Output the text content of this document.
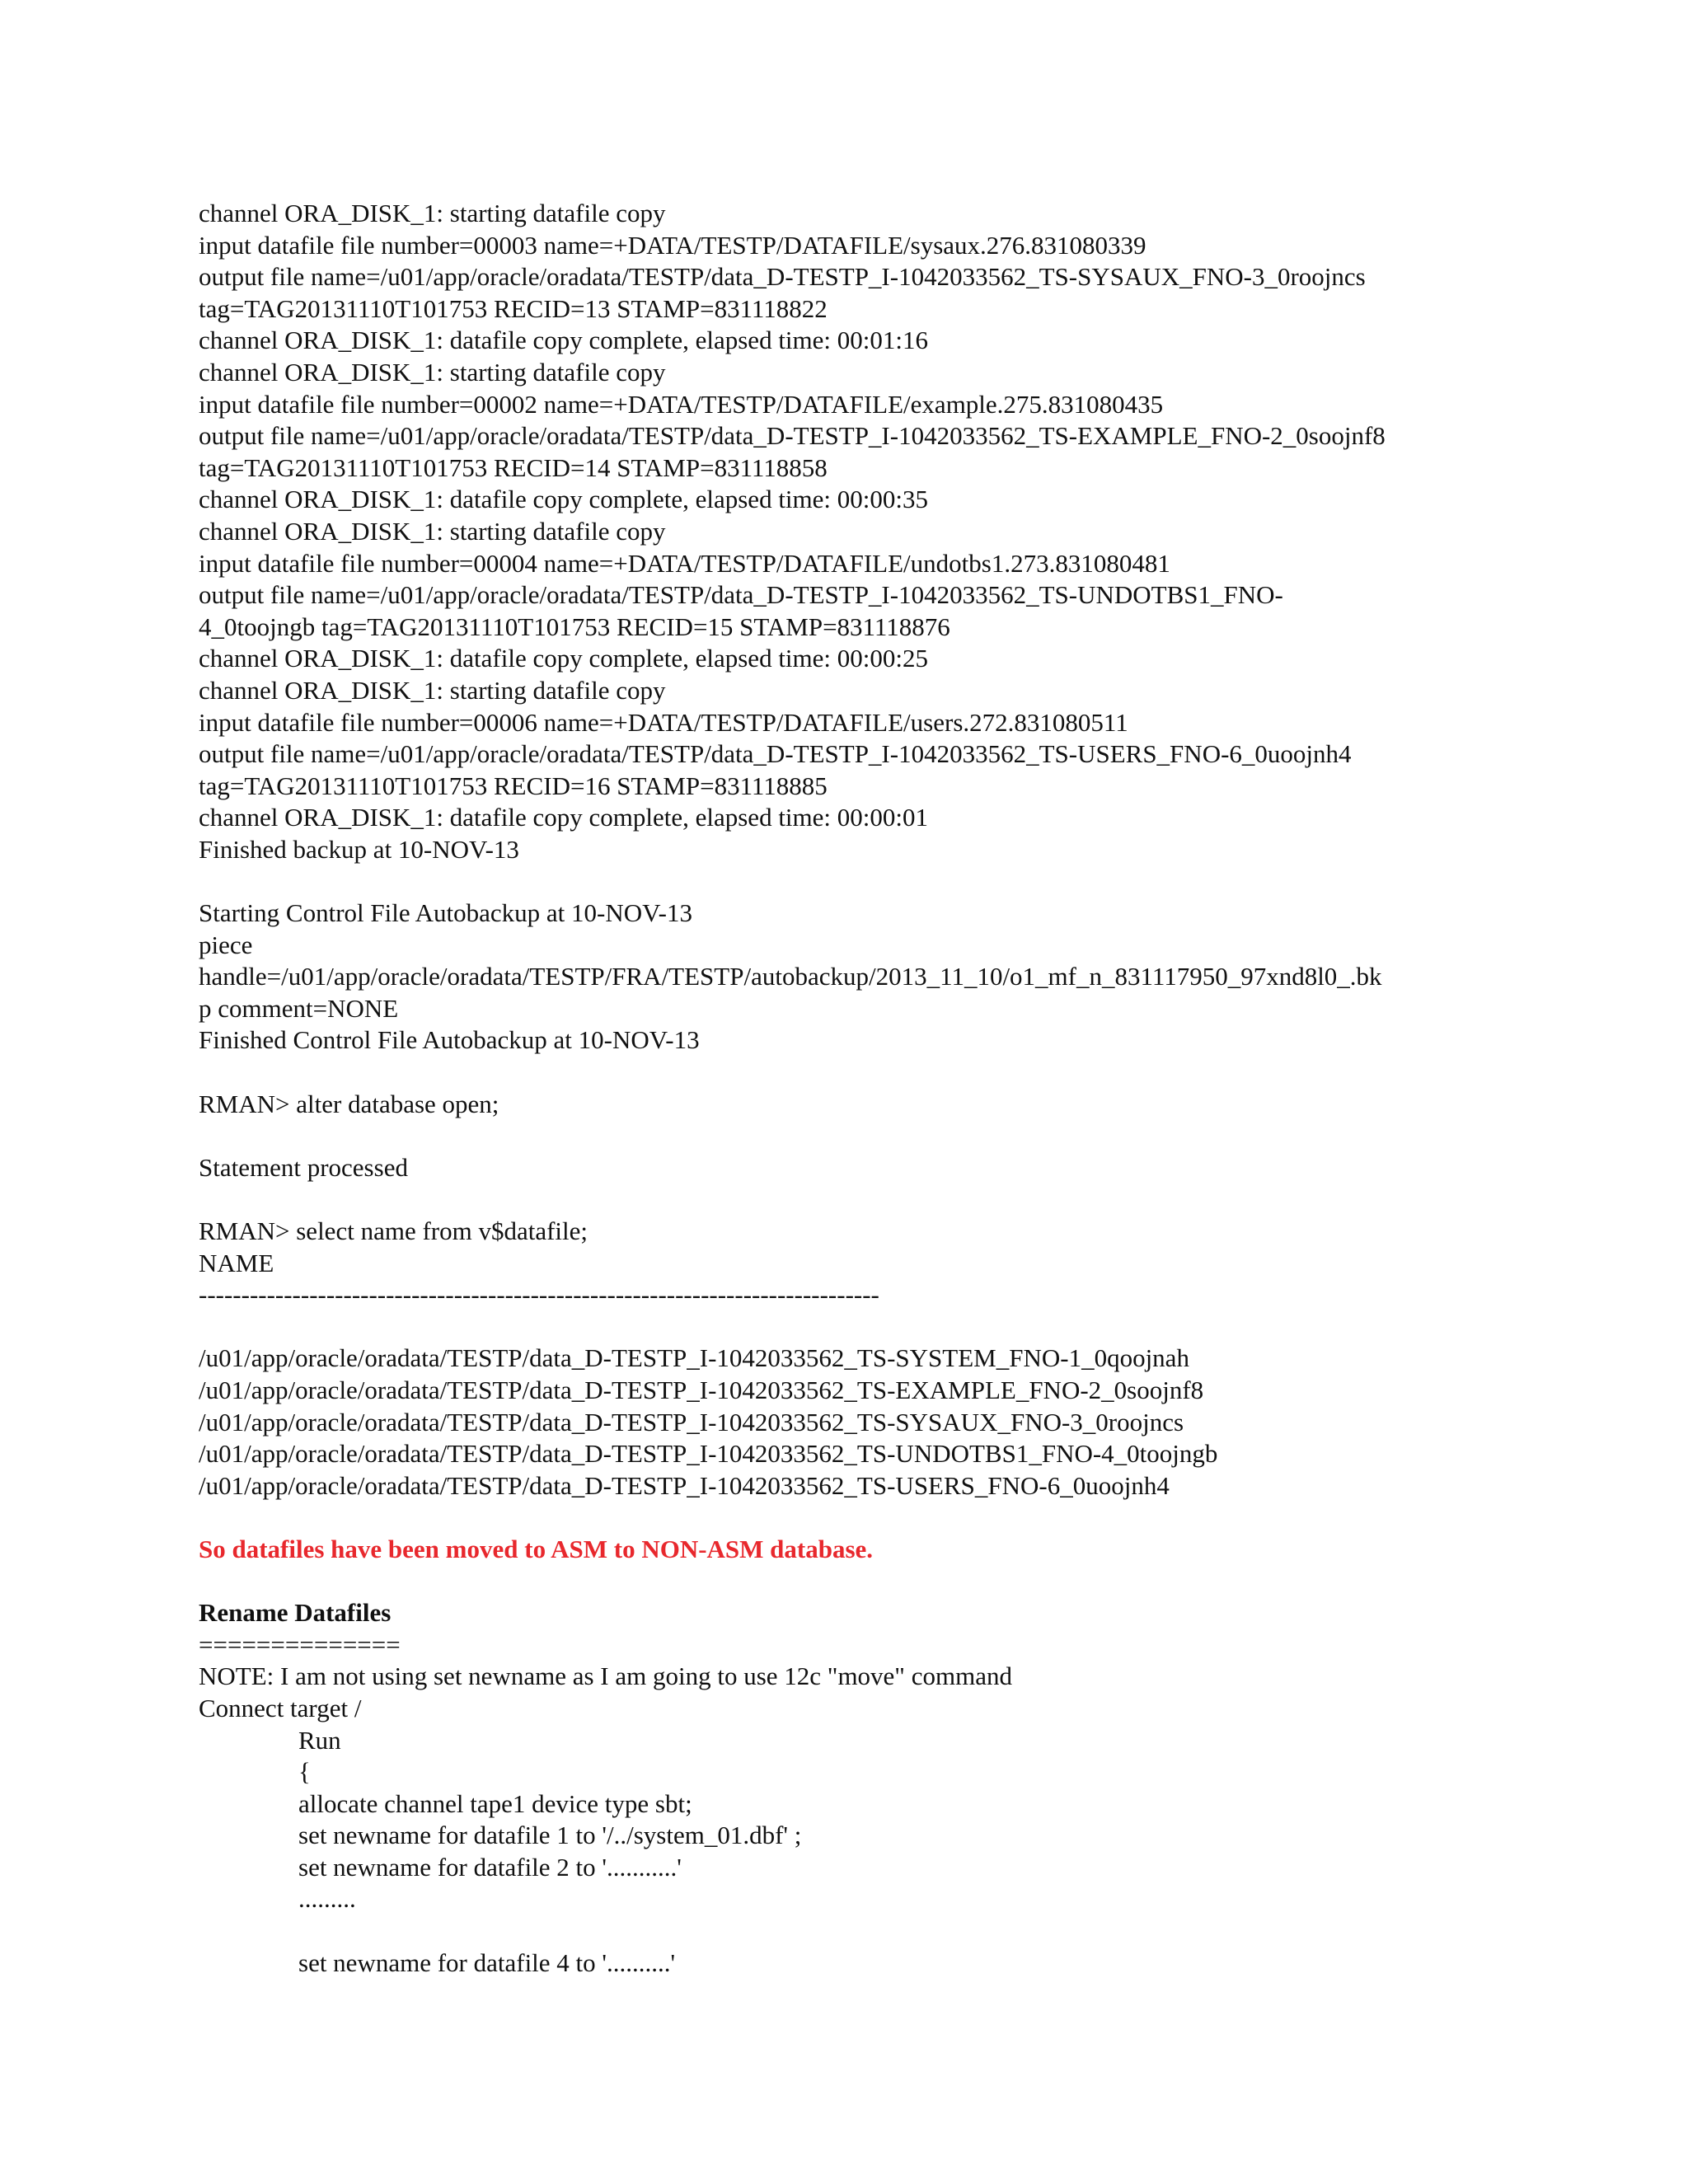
channel ORA_DISK_1: starting datafile copy
input datafile file number=00003 name=+DATA/TESTP/DATAFILE/sysaux.276.831080339
output file name=/u01/app/oracle/oradata/TESTP/data_D-TESTP_I-1042033562_TS-SYSAUX_FNO-3_0roojncs
tag=TAG20131110T101753 RECID=13 STAMP=831118822
channel ORA_DISK_1: datafile copy complete, elapsed time: 00:01:16
channel ORA_DISK_1: starting datafile copy
input datafile file number=00002 name=+DATA/TESTP/DATAFILE/example.275.831080435
output file name=/u01/app/oracle/oradata/TESTP/data_D-TESTP_I-1042033562_TS-EXAMPLE_FNO-2_0soojnf8
tag=TAG20131110T101753 RECID=14 STAMP=831118858
channel ORA_DISK_1: datafile copy complete, elapsed time: 00:00:35
channel ORA_DISK_1: starting datafile copy
input datafile file number=00004 name=+DATA/TESTP/DATAFILE/undotbs1.273.831080481
output file name=/u01/app/oracle/oradata/TESTP/data_D-TESTP_I-1042033562_TS-UNDOTBS1_FNO-
4_0toojngb tag=TAG20131110T101753 RECID=15 STAMP=831118876
channel ORA_DISK_1: datafile copy complete, elapsed time: 00:00:25
channel ORA_DISK_1: starting datafile copy
input datafile file number=00006 name=+DATA/TESTP/DATAFILE/users.272.831080511
output file name=/u01/app/oracle/oradata/TESTP/data_D-TESTP_I-1042033562_TS-USERS_FNO-6_0uoojnh4
tag=TAG20131110T101753 RECID=16 STAMP=831118885
channel ORA_DISK_1: datafile copy complete, elapsed time: 00:00:01
Finished backup at 10-NOV-13
Starting Control File Autobackup at 10-NOV-13
piece
handle=/u01/app/oracle/oradata/TESTP/FRA/TESTP/autobackup/2013_11_10/o1_mf_n_831117950_97xnd8l0_.bk
p comment=NONE
Finished Control File Autobackup at 10-NOV-13
RMAN> alter database open;
Statement processed
RMAN> select name from v$datafile;
NAME
--------------------------------------------------------------------------------
/u01/app/oracle/oradata/TESTP/data_D-TESTP_I-1042033562_TS-SYSTEM_FNO-1_0qoojnah
/u01/app/oracle/oradata/TESTP/data_D-TESTP_I-1042033562_TS-EXAMPLE_FNO-2_0soojnf8
/u01/app/oracle/oradata/TESTP/data_D-TESTP_I-1042033562_TS-SYSAUX_FNO-3_0roojncs
/u01/app/oracle/oradata/TESTP/data_D-TESTP_I-1042033562_TS-UNDOTBS1_FNO-4_0toojngb
/u01/app/oracle/oradata/TESTP/data_D-TESTP_I-1042033562_TS-USERS_FNO-6_0uoojnh4
So datafiles have been moved to ASM to NON-ASM database.
Rename Datafiles
==============
NOTE: I am not using set newname as I am going to use 12c "move" command
Connect target /
Run
{
allocate channel tape1 device type sbt;
set newname for datafile 1 to '/../system_01.dbf' ;
set newname for datafile 2 to '...........'
.........
set newname for datafile 4 to '..........'
